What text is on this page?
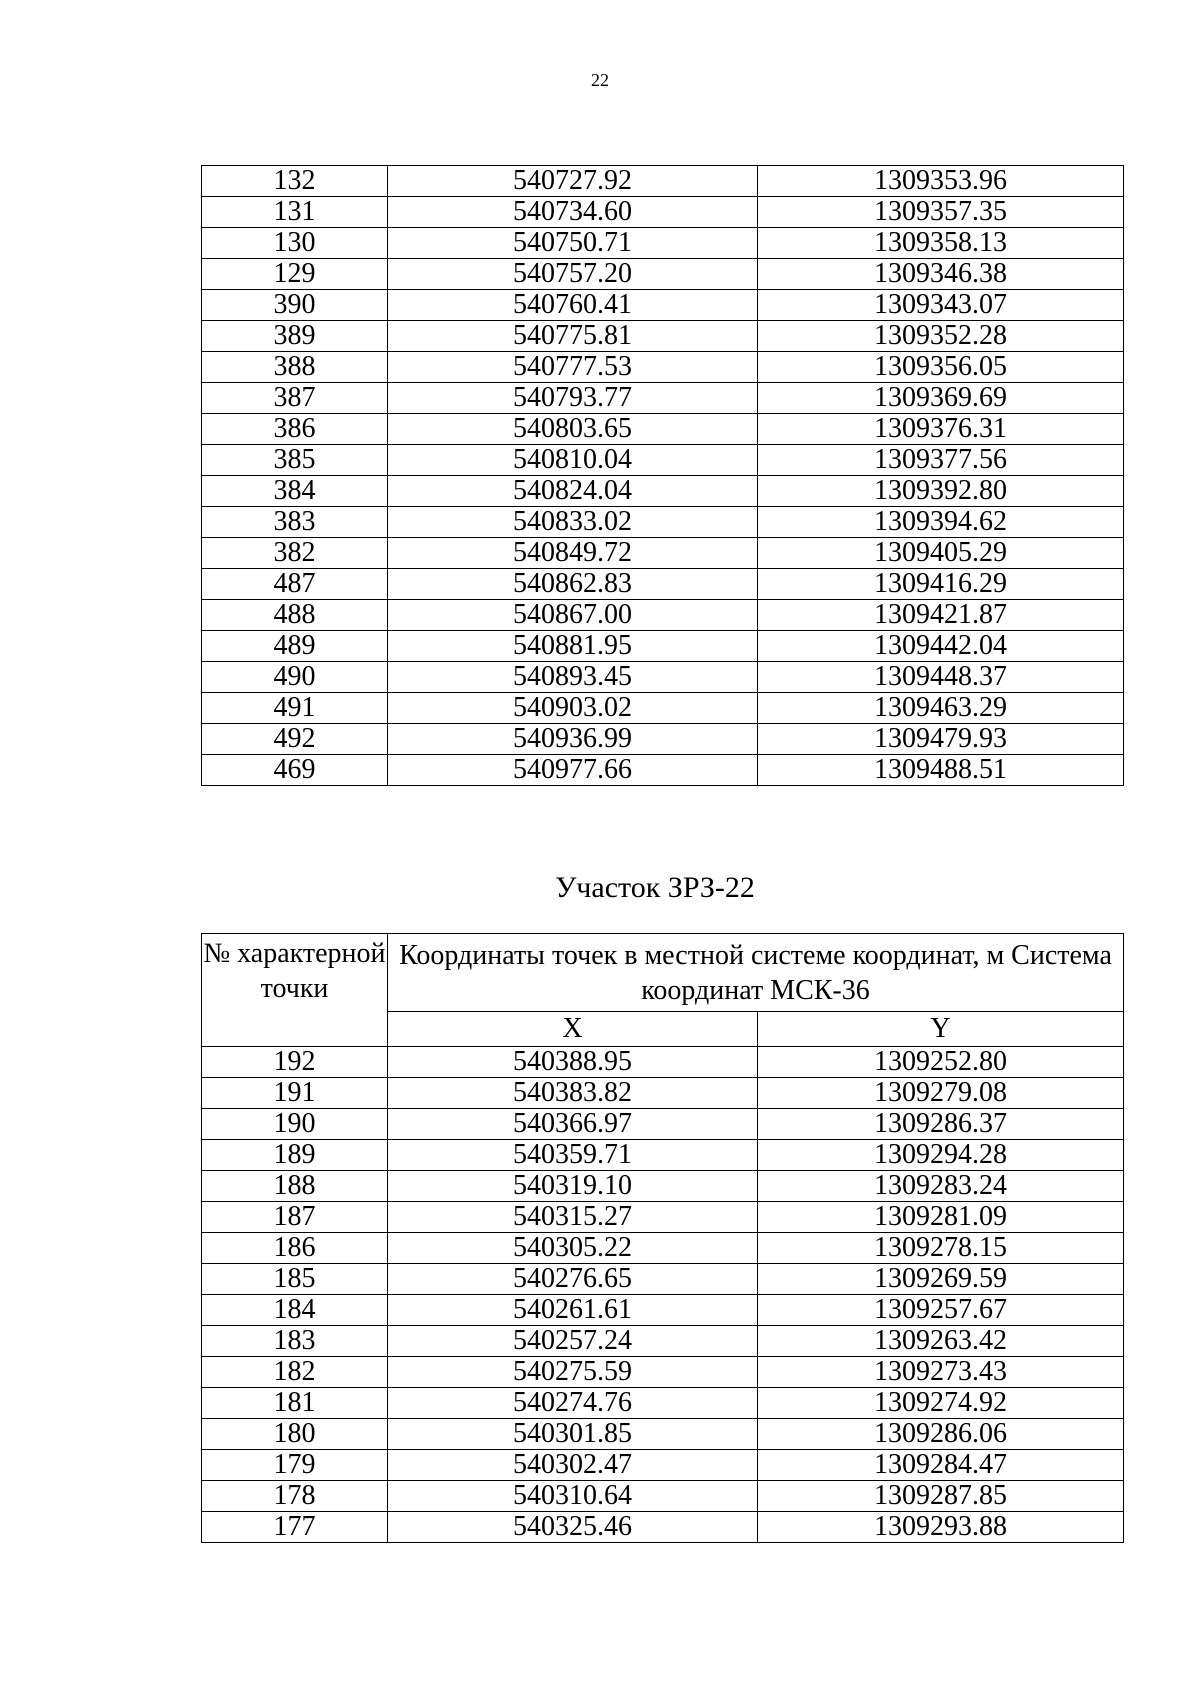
22
132	540727.92	1309353.96
131	540734.60	1309357.35
130	540750.71	1309358.13
129	540757.20	1309346.38
390	540760.41	1309343.07
389	540775.81	1309352.28
388	540777.53	1309356.05
387	540793.77	1309369.69
386	540803.65	1309376.31
385	540810.04	1309377.56
384	540824.04	1309392.80
383	540833.02	1309394.62
382	540849.72	1309405.29
487	540862.83	1309416.29
488	540867.00	1309421.87
489	540881.95	1309442.04
490	540893.45	1309448.37
491	540903.02	1309463.29
492	540936.99	1309479.93
469	540977.66	1309488.51
Участок ЗРЗ-22
№ характерной точки	Координаты точек в местной системе координат, м Система координат МСК-36	
	X	Y
192	540388.95	1309252.80
191	540383.82	1309279.08
190	540366.97	1309286.37
189	540359.71	1309294.28
188	540319.10	1309283.24
187	540315.27	1309281.09
186	540305.22	1309278.15
185	540276.65	1309269.59
184	540261.61	1309257.67
183	540257.24	1309263.42
182	540275.59	1309273.43
181	540274.76	1309274.92
180	540301.85	1309286.06
179	540302.47	1309284.47
178	540310.64	1309287.85
177	540325.46	1309293.88
